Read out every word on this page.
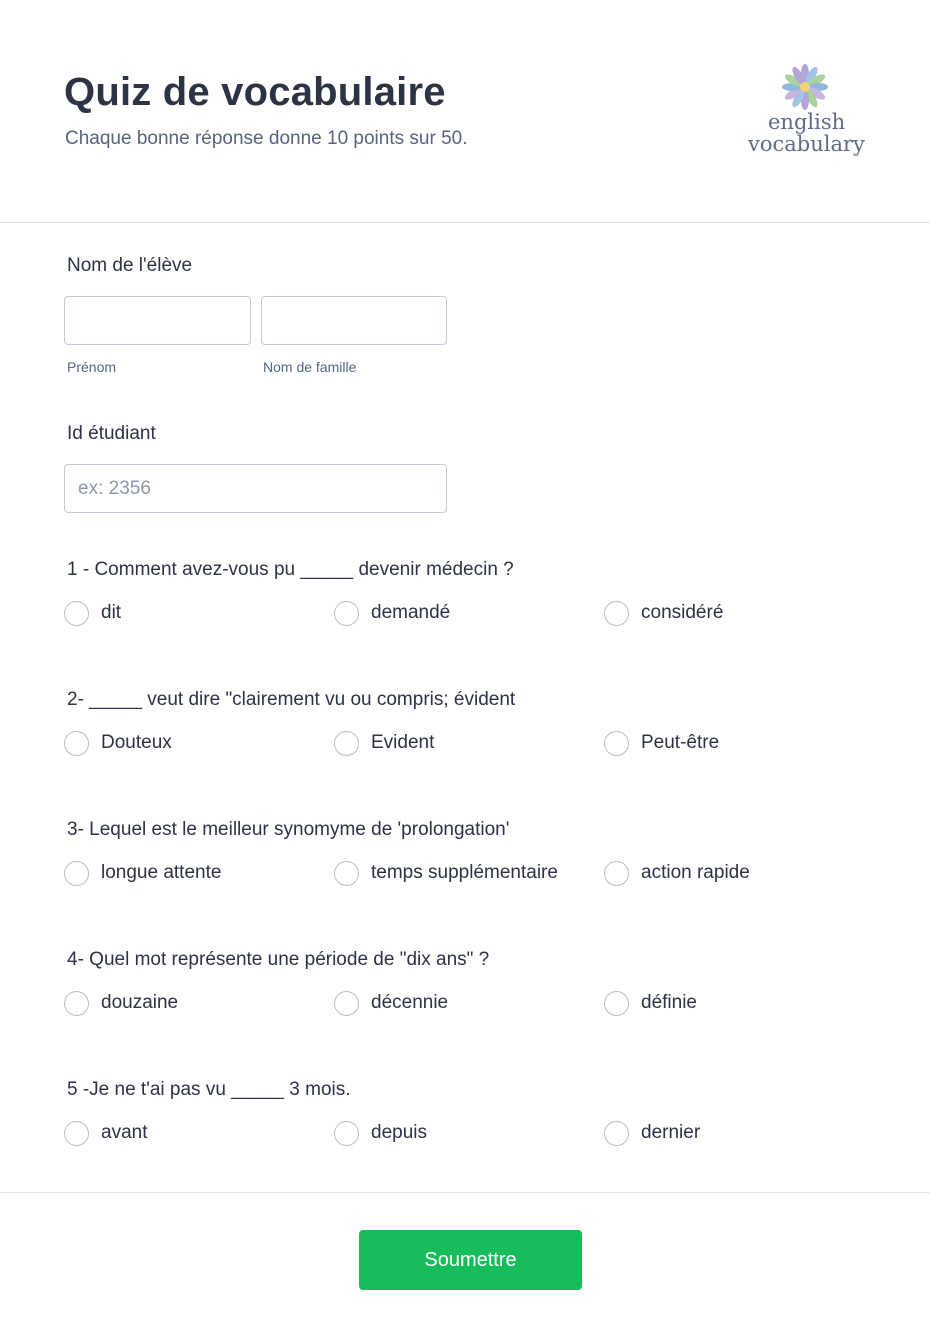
Quiz de vocabulaire
Chaque bonne réponse donne 10 points sur 50.
english
vocabulary
Nom de l'élève
Prénom	Nom de famille
Id étudiant
ex: 2356
1 - Comment avez-vous pu _____ devenir médecin ?
dit	demandé	considéré
2- _____ veut dire "clairement vu ou compris; évident
Douteux	Evident	Peut-être
3- Lequel est le meilleur synomyme de 'prolongation'
longue attente	temps supplémentaire	action rapide
4- Quel mot représente une période de "dix ans" ?
douzaine	décennie	définie
5 -Je ne t'ai pas vu _____ 3 mois.
avant	depuis	dernier
Soumettre
